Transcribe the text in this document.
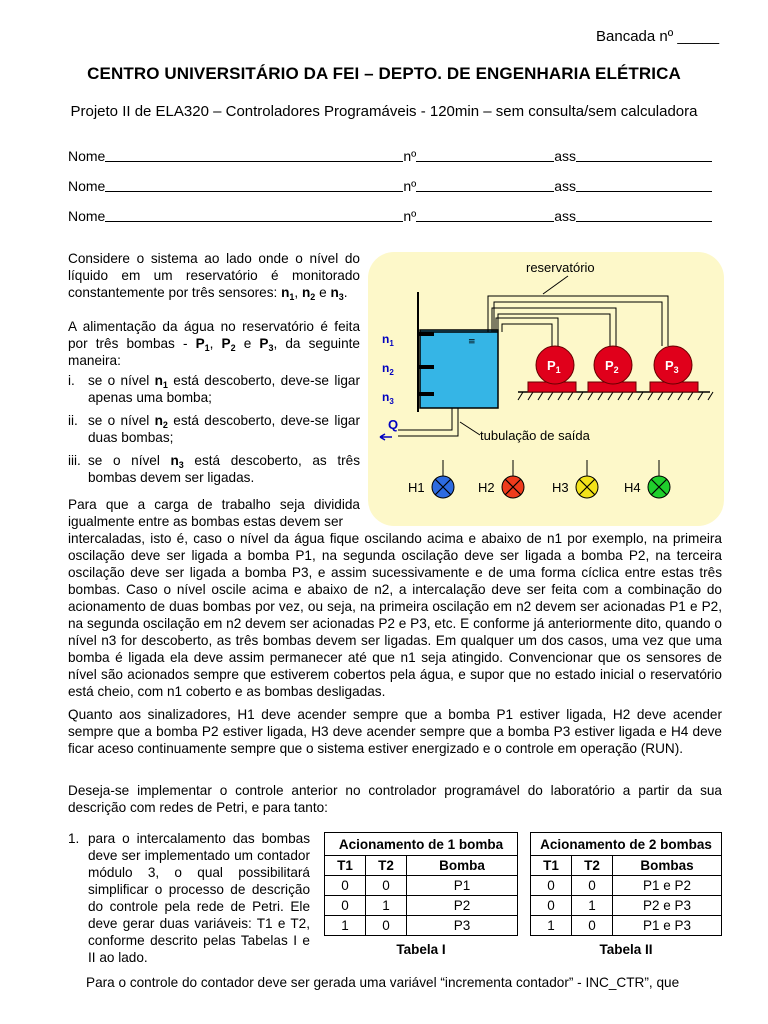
Bancada nº _____
CENTRO UNIVERSITÁRIO DA FEI – DEPTO. DE ENGENHARIA ELÉTRICA
Projeto II de ELA320 – Controladores Programáveis - 120min – sem consulta/sem calculadora
Nome	nº	ass
Nome	nº	ass
Nome	nº	ass
Considere o sistema ao lado onde o nível do líquido em um reservatório é monitorado constantemente por três sensores: $n_1$, $n_2$ e $n_3$.
A alimentação da água no reservatório é feita por três bombas - $P_1$, $P_2$ e $P_3$, da seguinte maneira:
i. se o nível $n_1$ está descoberto, deve-se ligar apenas uma bomba;
ii. se o nível $n_2$ está descoberto, deve-se ligar duas bombas;
iii. se o nível $n_3$ está descoberto, as três bombas devem ser ligadas.
Para que a carga de trabalho seja dividida igualmente entre as bombas estas devem ser
≡
$n_1$
$n_2$
$n_3$
$P_1$	$P_2$	$P_3$
reservatório
Q
tubulação de saída
H1	H2	H3	H4
intercaladas, isto é, caso o nível da água fique oscilando acima e abaixo de n1 por exemplo, na primeira oscilação deve ser ligada a bomba P1, na segunda oscilação deve ser ligada a bomba P2, na terceira oscilação deve ser ligada a bomba P3, e assim sucessivamente e de uma forma cíclica entre estas três bombas. Caso o nível oscile acima e abaixo de n2, a intercalação deve ser feita com a combinação do acionamento de duas bombas por vez, ou seja, na primeira oscilação em n2 devem ser acionadas P1 e P2, na segunda oscilação em n2 devem ser acionadas P2 e P3, etc. E conforme já anteriormente dito, quando o nível n3 for descoberto, as três bombas devem ser ligadas. Em qualquer um dos casos, uma vez que uma bomba é ligada ela deve assim permanecer até que n1 seja atingido. Convencionar que os sensores de nível são acionados sempre que estiverem cobertos pela água, e supor que no estado inicial o reservatório está cheio, com n1 coberto e as bombas desligadas.
Quanto aos sinalizadores, H1 deve acender sempre que a bomba P1 estiver ligada, H2 deve acender sempre que a bomba P2 estiver ligada, H3 deve acender sempre que a bomba P3 estiver ligada e H4 deve ficar aceso continuamente sempre que o sistema estiver energizado e o controle em operação (RUN).
Deseja-se implementar o controle anterior no controlador programável do laboratório a partir da sua descrição com redes de Petri, e para tanto:
1. para o intercalamento das bombas deve ser implementado um contador módulo 3, o qual possibilitará simplificar o processo de descrição do controle pela rede de Petri. Ele deve gerar duas variáveis: T1 e T2, conforme descrito pelas Tabelas I e II ao lado.
Acionamento de 1 bomba		
T1	T2	Bomba
0	0	P1
0	1	P2
1	0	P3
Tabela I
Acionamento de 2 bombas		
T1	T2	Bombas
0	0	P1 e P2
0	1	P2 e P3
1	0	P1 e P3
Tabela II
Para o controle do contador deve ser gerada uma variável “incrementa contador” - INC_CTR”, que
